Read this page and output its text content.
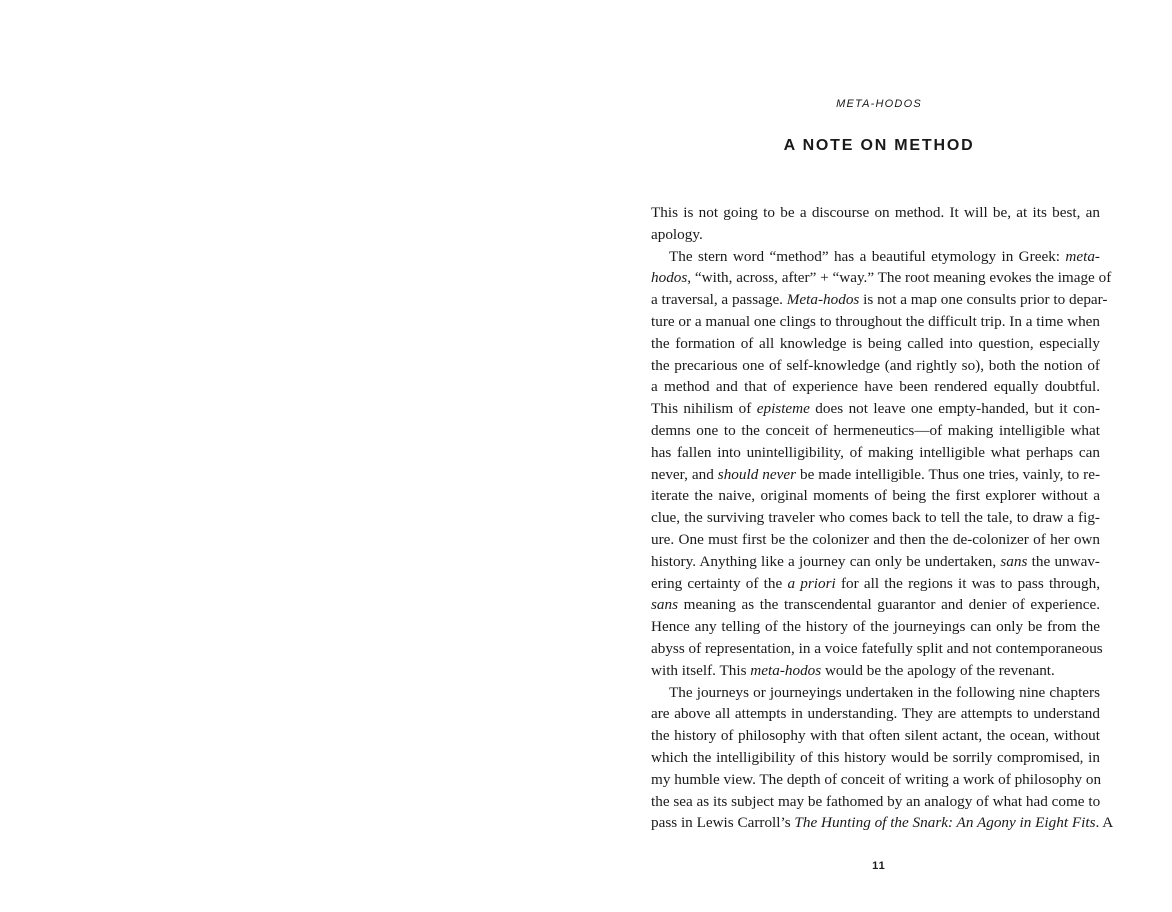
META-HODOS
A NOTE ON METHOD
This is not going to be a discourse on method. It will be, at its best, an
apology.
The stern word “method” has a beautiful etymology in Greek: meta-
hodos, “with, across, after” + “way.” The root meaning evokes the image of
a traversal, a passage. Meta-hodos is not a map one consults prior to depar-
ture or a manual one clings to throughout the difficult trip. In a time when
the formation of all knowledge is being called into question, especially
the precarious one of self-knowledge (and rightly so), both the notion of
a method and that of experience have been rendered equally doubtful.
This nihilism of episteme does not leave one empty-handed, but it con-
demns one to the conceit of hermeneutics—of making intelligible what
has fallen into unintelligibility, of making intelligible what perhaps can
never, and should never be made intelligible. Thus one tries, vainly, to re-
iterate the naive, original moments of being the first explorer without a
clue, the surviving traveler who comes back to tell the tale, to draw a fig-
ure. One must first be the colonizer and then the de-colonizer of her own
history. Anything like a journey can only be undertaken, sans the unwav-
ering certainty of the a priori for all the regions it was to pass through,
sans meaning as the transcendental guarantor and denier of experience.
Hence any telling of the history of the journeyings can only be from the
abyss of representation, in a voice fatefully split and not contemporaneous
with itself. This meta-hodos would be the apology of the revenant.
The journeys or journeyings undertaken in the following nine chapters
are above all attempts in understanding. They are attempts to understand
the history of philosophy with that often silent actant, the ocean, without
which the intelligibility of this history would be sorrily compromised, in
my humble view. The depth of conceit of writing a work of philosophy on
the sea as its subject may be fathomed by an analogy of what had come to
pass in Lewis Carroll’s The Hunting of the Snark: An Agony in Eight Fits. A
11
